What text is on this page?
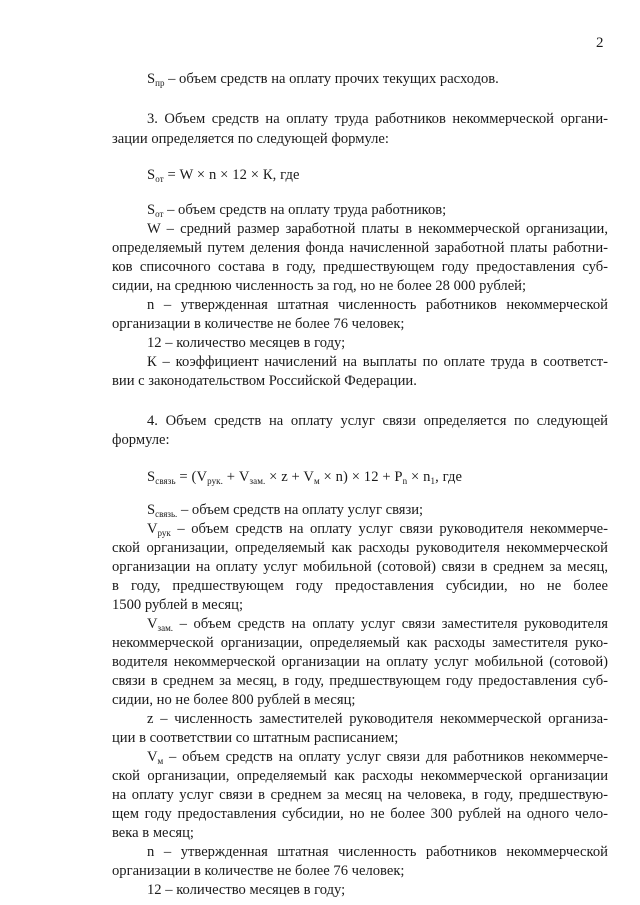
2
$S_{пр}$ – объем средств на оплату прочих текущих расходов.
3. Объем средств на оплату труда работников некоммерческой органи-
зации определяется по следующей формуле:
$S_{от} = W \times n \times 12 \times К$, где
$S_{от}$ – объем средств на оплату труда работников;
W – средний размер заработной платы в некоммерческой организации,
определяемый путем деления фонда начисленной заработной платы работни-
ков списочного состава в году, предшествующем году предоставления суб-
сидии, на среднюю численность за год, но не более 28 000 рублей;
n – утвержденная штатная численность работников некоммерческой
организации в количестве не более 76 человек;
12 – количество месяцев в году;
К – коэффициент начислений на выплаты по оплате труда в соответст-
вии с законодательством Российской Федерации.
4. Объем средств на оплату услуг связи определяется по следующей
формуле:
$S_{связь} = (V_{рук.} + V_{зам.} \times z + V_м \times n) \times 12 + P_n \times n_1$, где
$S_{связь.}$ – объем средств на оплату услуг связи;
$V_{рук}$ – объем средств на оплату услуг связи руководителя некоммерче-
ской организации, определяемый как расходы руководителя некоммерческой
организации на оплату услуг мобильной (сотовой) связи в среднем за месяц,
в году, предшествующем году предоставления субсидии, но не более
1500 рублей в месяц;
$V_{зам.}$ – объем средств на оплату услуг связи заместителя руководителя
некоммерческой организации, определяемый как расходы заместителя руко-
водителя некоммерческой организации на оплату услуг мобильной (сотовой)
связи в среднем за месяц, в году, предшествующем году предоставления суб-
сидии, но не более 800 рублей в месяц;
z – численность заместителей руководителя некоммерческой организа-
ции в соответствии со штатным расписанием;
$V_м$ – объем средств на оплату услуг связи для работников некоммерче-
ской организации, определяемый как расходы некоммерческой организации
на оплату услуг связи в среднем за месяц на человека, в году, предшествую-
щем году предоставления субсидии, но не более 300 рублей на одного чело-
века в месяц;
n – утвержденная штатная численность работников некоммерческой
организации в количестве не более 76 человек;
12 – количество месяцев в году;
